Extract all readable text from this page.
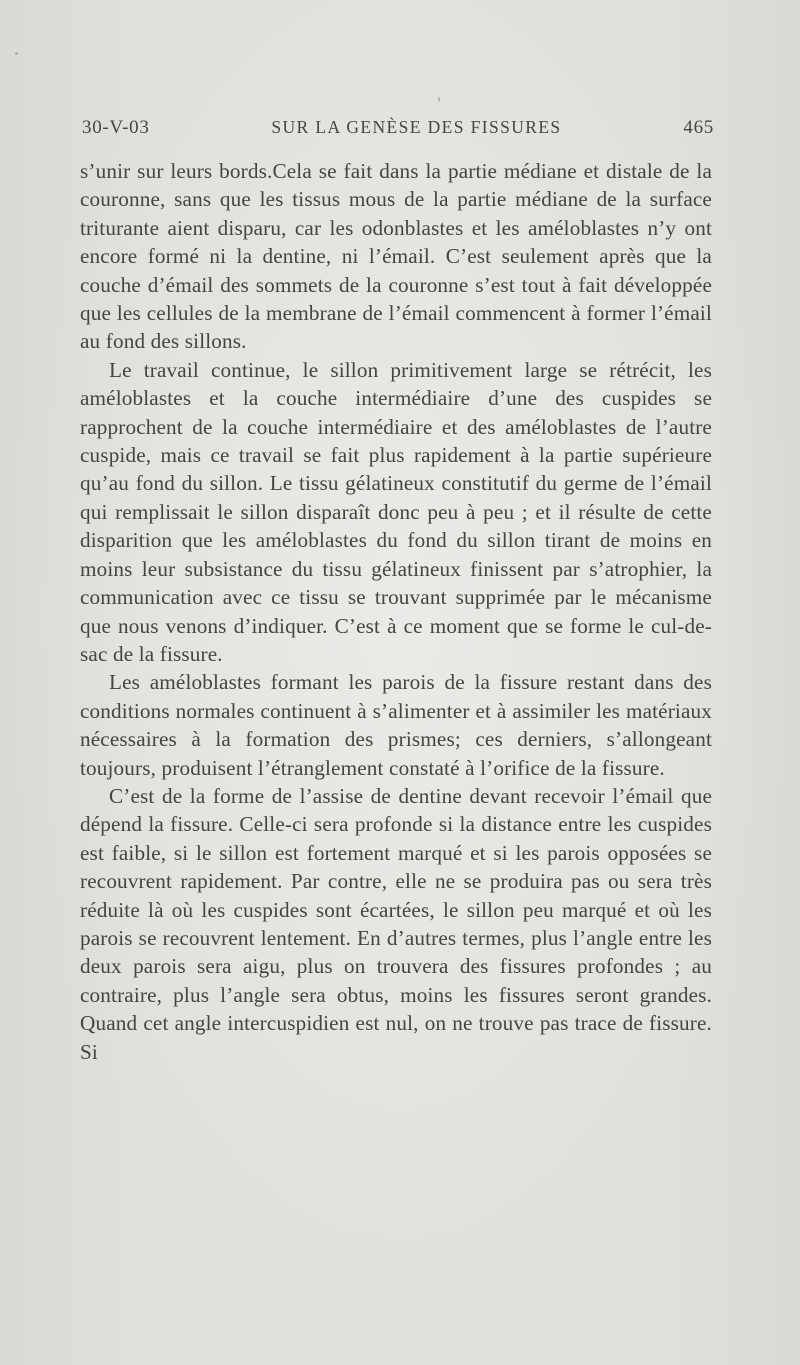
30-V-03	SUR LA GENÈSE DES FISSURES	465

s’unir sur leurs bords.Cela se fait dans la partie médiane et distale de la couronne, sans que les tissus mous de la partie médiane de la surface triturante aient disparu, car les odonblastes et les améloblastes n’y ont encore formé ni la dentine, ni l’émail. C’est seulement après que la couche d’émail des sommets de la couronne s’est tout à fait développée que les cellules de la membrane de l’émail commencent à former l’émail au fond des sillons.

Le travail continue, le sillon primitivement large se rétrécit, les améloblastes et la couche intermédiaire d’une des cuspides se rapprochent de la couche intermédiaire et des améloblastes de l’autre cuspide, mais ce travail se fait plus rapidement à la partie supérieure qu’au fond du sillon. Le tissu gélatineux constitutif du germe de l’émail qui remplissait le sillon disparaît donc peu à peu ; et il résulte de cette disparition que les améloblastes du fond du sillon tirant de moins en moins leur subsistance du tissu gélatineux finissent par s’atrophier, la communication avec ce tissu se trouvant supprimée par le mécanisme que nous venons d’indiquer. C’est à ce moment que se forme le cul-de-sac de la fissure.

Les améloblastes formant les parois de la fissure restant dans des conditions normales continuent à s’alimenter et à assimiler les matériaux nécessaires à la formation des prismes; ces derniers, s’allongeant toujours, produisent l’étranglement constaté à l’orifice de la fissure.

C’est de la forme de l’assise de dentine devant recevoir l’émail que dépend la fissure. Celle-ci sera profonde si la distance entre les cuspides est faible, si le sillon est fortement marqué et si les parois opposées se recouvrent rapidement. Par contre, elle ne se produira pas ou sera très réduite là où les cuspides sont écartées, le sillon peu marqué et où les parois se recouvrent lentement. En d’autres termes, plus l’angle entre les deux parois sera aigu, plus on trouvera des fissures profondes ; au contraire, plus l’angle sera obtus, moins les fissures seront grandes. Quand cet angle intercuspidien est nul, on ne trouve pas trace de fissure. Si
